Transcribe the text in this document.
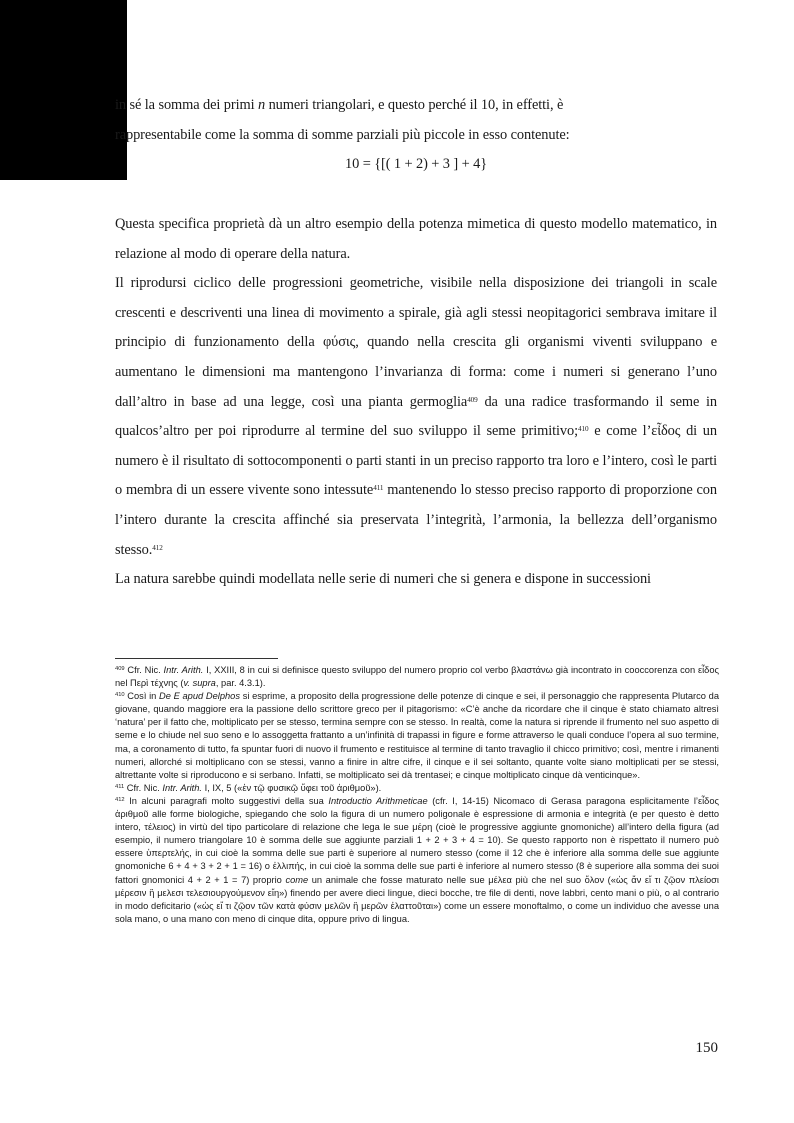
in sé la somma dei primi n numeri triangolari, e questo perché il 10, in effetti, è

rappresentabile come la somma di somme parziali più piccole in esso contenute:

10 = {[( 1 + 2) + 3 ] + 4}

Questa specifica proprietà dà un altro esempio della potenza mimetica di questo modello matematico, in relazione al modo di operare della natura.

Il riprodursi ciclico delle progressioni geometriche, visibile nella disposizione dei triangoli in scale crescenti e descriventi una linea di movimento a spirale, già agli stessi neopitagorici sembrava imitare il principio di funzionamento della φύσις, quando nella crescita gli organismi viventi sviluppano e aumentano le dimensioni ma mantengono l’invarianza di forma: come i numeri si generano l’uno dall’altro in base ad una legge, così una pianta germoglia$^{409}$ da una radice trasformando il seme in qualcos’altro per poi riprodurre al termine del suo sviluppo il seme primitivo;$^{410}$ e come l’εἶδος di un numero è il risultato di sottocomponenti o parti stanti in un preciso rapporto tra loro e l’intero, così le parti o membra di un essere vivente sono intessute$^{411}$ mantenendo lo stesso preciso rapporto di proporzione con l’intero durante la crescita affinché sia preservata l’integrità, l’armonia, la bellezza dell’organismo stesso.$^{412}$

La natura sarebbe quindi modellata nelle serie di numeri che si genera e dispone in successioni

$^{409}$ Cfr. Nic. Intr. Arith. I, XXIII, 8 in cui si definisce questo sviluppo del numero proprio col verbo βλαστάνω già incontrato in cooccorenza con εἶδος nel Περὶ τέχνης (v. supra, par. 4.3.1).

$^{410}$ Così in De E apud Delphos si esprime, a proposito della progressione delle potenze di cinque e sei, il personaggio che rappresenta Plutarco da giovane, quando maggiore era la passione dello scrittore greco per il pitagorismo: «C’è anche da ricordare che il cinque è stato chiamato altresì ‘natura’ per il fatto che, moltiplicato per se stesso, termina sempre con se stesso. In realtà, come la natura si riprende il frumento nel suo aspetto di seme e lo chiude nel suo seno e lo assoggetta frattanto a un’infinità di trapassi in figure e forme attraverso le quali conduce l’opera al suo termine, ma, a coronamento di tutto, fa spuntar fuori di nuovo il frumento e restituisce al termine di tanto travaglio il chicco primitivo; così, mentre i rimanenti numeri, allorché si moltiplicano con se stessi, vanno a finire in altre cifre, il cinque e il sei soltanto, quante volte siano moltiplicati per se stessi, altrettante volte si riproducono e si serbano. Infatti, se moltiplicato sei dà trentasei; e cinque moltiplicato cinque dà venticinque».

$^{411}$ Cfr. Nic. Intr. Arith. I, IX, 5 («ἐν τῷ φυσικῷ ὕφει τοῦ ἀριθμοῦ»).

$^{412}$ In alcuni paragrafi molto suggestivi della sua Introductio Arithmeticae (cfr. I, 14-15) Nicomaco di Gerasa paragona esplicitamente l’εἶδος ἀριθμοῦ alle forme biologiche, spiegando che solo la figura di un numero poligonale è espressione di armonia e integrità (e per questo è detto intero, τέλειος) in virtù del tipo particolare di relazione che lega le sue μέρη (cioè le progressive aggiunte gnomoniche) all’intero della figura (ad esempio, il numero triangolare 10 è somma delle sue aggiunte parziali 1 + 2 + 3 + 4 = 10). Se questo rapporto non è rispettato il numero può essere ὑπερτελής, in cui cioè la somma delle sue parti è superiore al numero stesso (come il 12 che è inferiore alla somma delle sue aggiunte gnomoniche 6 + 4 + 3 + 2 + 1 = 16) o ἐλλιπής, in cui cioè la somma delle sue parti è inferiore al numero stesso (8 è superiore alla somma dei suoi fattori gnomonici 4 + 2 + 1 = 7) proprio come un animale che fosse maturato nelle sue μέλεα più che nel suo ὅλον («ὡς ἄν εἴ τι ζῷον πλείοσι μέρεσιν ἢ μελεσι τελεσιουργούμενον εἴη») finendo per avere dieci lingue, dieci bocche, tre file di denti, nove labbri, cento mani o più, o al contrario in modo deficitario («ὡς εἴ τι ζῷον τῶν κατὰ φύσιν μελῶν ἢ μερῶν ἐλαττοῦται») come un essere monoftalmo, o come un individuo che avesse una sola mano, o una mano con meno di cinque dita, oppure privo di lingua.

150
